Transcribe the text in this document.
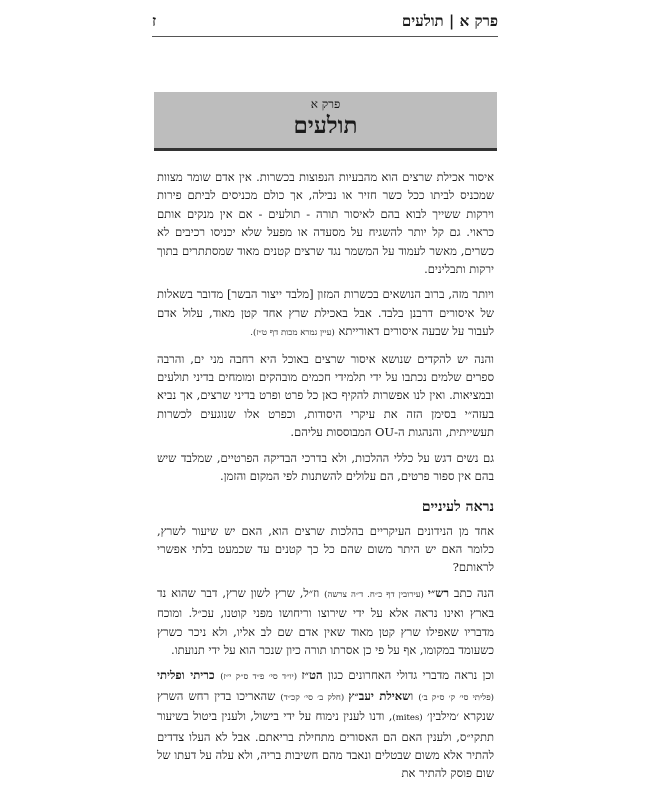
פרק א | תולעים
ז
פרק א
תולעים

איסור אכילת שרצים הוא מהבעיות הנפוצות בכשרות. אין אדם שומר מצוות שמכניס לביתו ככל כשר חזיר או נבילה, אך כולם מכניסים לביתם פירות וירקות ששייך לבוא בהם לאיסור תורה - תולעים - אם אין מנקים אותם כראוי. גם קל יותר להשגיח על מסעדה או מפעל שלא יכניסו רכיבים לא כשרים, מאשר לעמוד על המשמר נגד שרצים קטנים מאוד שמסתתרים בתוך ירקות ותבלינים.

ויותר מזה, ברוב הנושאים בכשרות המזון [מלבד ייצור הבשר] מדובר בשאלות של איסורים דרבנן בלבד. אבל באכילת שרץ אחד קטן מאוד, עלול אדם לעבור על שבעה איסורים דאורייתא (עיין גמרא מכות דף ט״ז).

והנה יש להקדים שנושא איסור שרצים באוכל היא רחבה מני ים, והרבה ספרים שלמים נכתבו על ידי תלמידי חכמים מובהקים ומומחים בדיני תולעים ובמציאות. ואין לנו אפשרות להקיף כאן כל פרט ופרט בדיני שרצים, אך נביא בעזה״י בסימן הזה את עיקרי היסודות, וכפרט אלו שנוגעים לכשרות תעשייתית, והנהגות ה-OU המבוססות עליהם.

גם נשים דגש על כללי ההלכות, ולא בדרכי הבדיקה הפרטיים, שמלבד שיש בהם אין ספור פרטים, הם עלולים להשתנות לפי המקום והזמן.

נראה לעיניים

אחד מן הנידונים העיקריים בהלכות שרצים הוא, האם יש שיעור לשרץ, כלומר האם יש היתר משום שהם כל כך קטנים עד שכמעט בלתי אפשרי לראותם?

הנה כתב רש״י (עירובין דף כ״ח. ד״ה צרשה) וז״ל, שרץ לשון שרץ, דבר שהוא נד בארץ ואינו נראה אלא על ידי שירוצו וריחושו מפני קוטנו, עכ״ל. ומוכח מדבריו שאפילו שרץ קטן מאוד שאין אדם שם לב אליו, ולא ניכר כשרץ כשעומד במקומו, אף על פי כן אסרתו תורה כיון שנכר הוא על ידי תנועתו.

וכן נראה מדברי גדולי האחרונים כגון הט״ז (יו״ד סי׳ פ״ד ס״ק י״ז) כריתי ופליתי (פליתי סי׳ ק׳ ס״ק ב׳) ושאילת יעב״ץ (חלק ב׳ סי׳ קכ״ד) שהאריכו בדין רחש השרץ שנקרא ׳מילבין׳ (mites), ודנו לענין נימוח על ידי בישול, ולענין ביטול בשיעור תתקי״ס, ולענין האם הם האסורים מתחילת בריאתם. אבל לא העלו צדדים להתיר אלא משום שבטלים ונאבד מהם חשיבות בריה, ולא עלה על דעתו של שום פוסק להתיר את
